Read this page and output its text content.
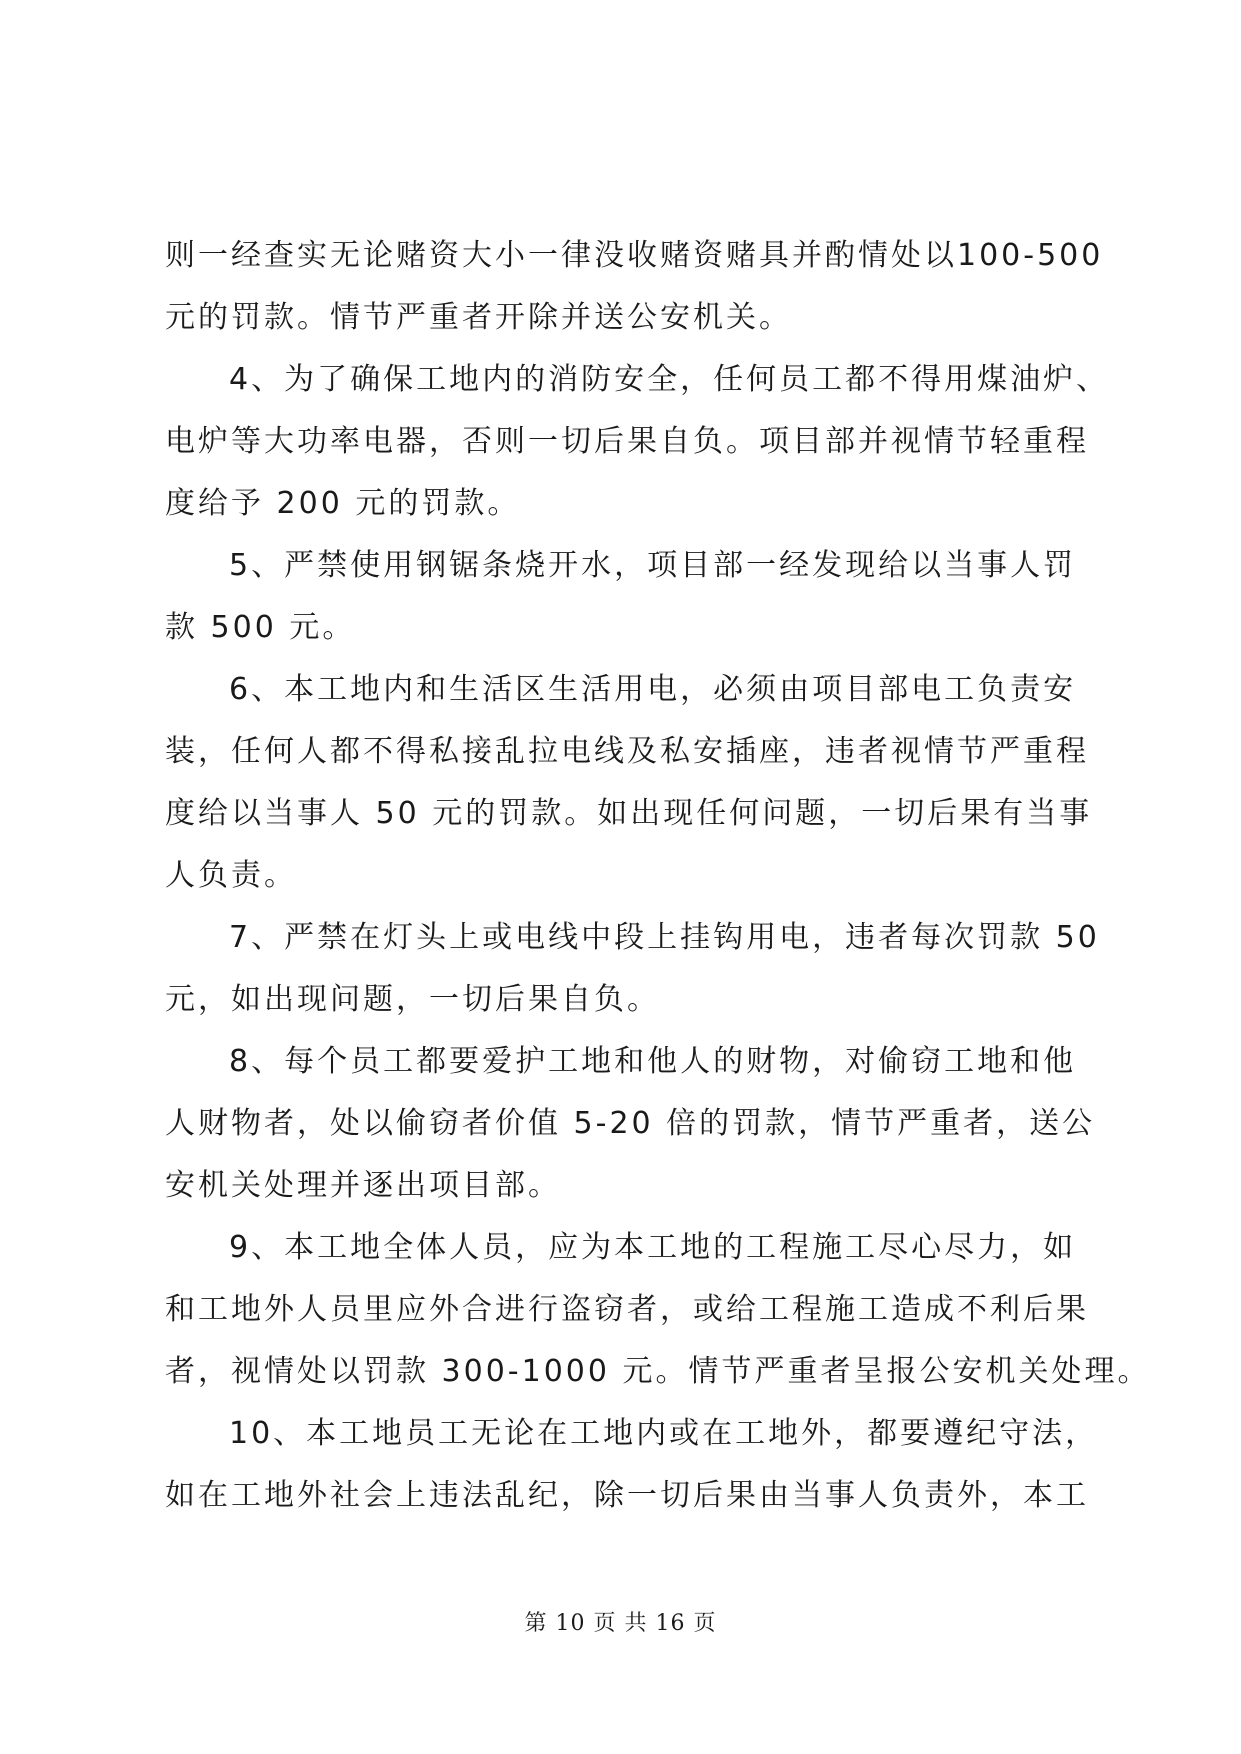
则一经查实无论赌资大小一律没收赌资赌具并酌情处以100-500
元的罚款。情节严重者开除并送公安机关。
4、为了确保工地内的消防安全，任何员工都不得用煤油炉、
电炉等大功率电器，否则一切后果自负。项目部并视情节轻重程
度给予 200 元的罚款。
5、严禁使用钢锯条烧开水，项目部一经发现给以当事人罚
款 500 元。
6、本工地内和生活区生活用电，必须由项目部电工负责安
装，任何人都不得私接乱拉电线及私安插座，违者视情节严重程
度给以当事人 50 元的罚款。如出现任何问题，一切后果有当事
人负责。
7、严禁在灯头上或电线中段上挂钩用电，违者每次罚款 50
元，如出现问题，一切后果自负。
8、每个员工都要爱护工地和他人的财物，对偷窃工地和他
人财物者，处以偷窃者价值 5-20 倍的罚款，情节严重者，送公
安机关处理并逐出项目部。
9、本工地全体人员，应为本工地的工程施工尽心尽力，如
和工地外人员里应外合进行盗窃者，或给工程施工造成不利后果
者，视情处以罚款 300-1000 元。情节严重者呈报公安机关处理。
10、本工地员工无论在工地内或在工地外，都要遵纪守法，
如在工地外社会上违法乱纪，除一切后果由当事人负责外，本工
第 10 页 共 16 页
